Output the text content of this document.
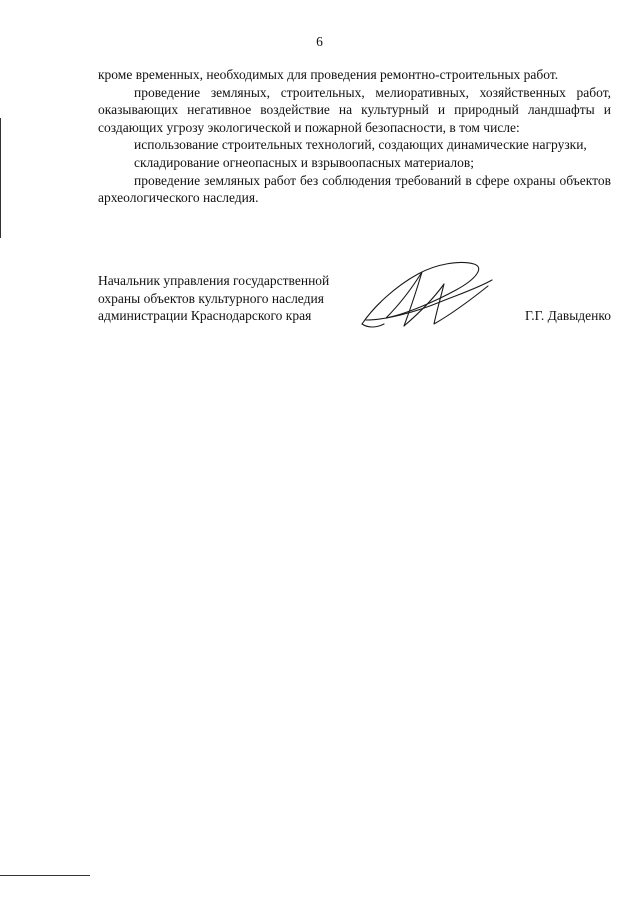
6

кроме временных, необходимых для проведения ремонтно-строительных работ.

проведение земляных, строительных, мелиоративных, хозяйственных работ, оказывающих негативное воздействие на культурный и природный ландшафты и создающих угрозу экологической и пожарной безопасности, в том числе:

использование строительных технологий, создающих динамические нагрузки,

складирование огнеопасных и взрывоопасных материалов;

проведение земляных работ без соблюдения требований в сфере охраны объектов археологического наследия.

Начальник управления государственной
охраны объектов культурного наследия
администрации Краснодарского края	Г.Г. Давыденко
